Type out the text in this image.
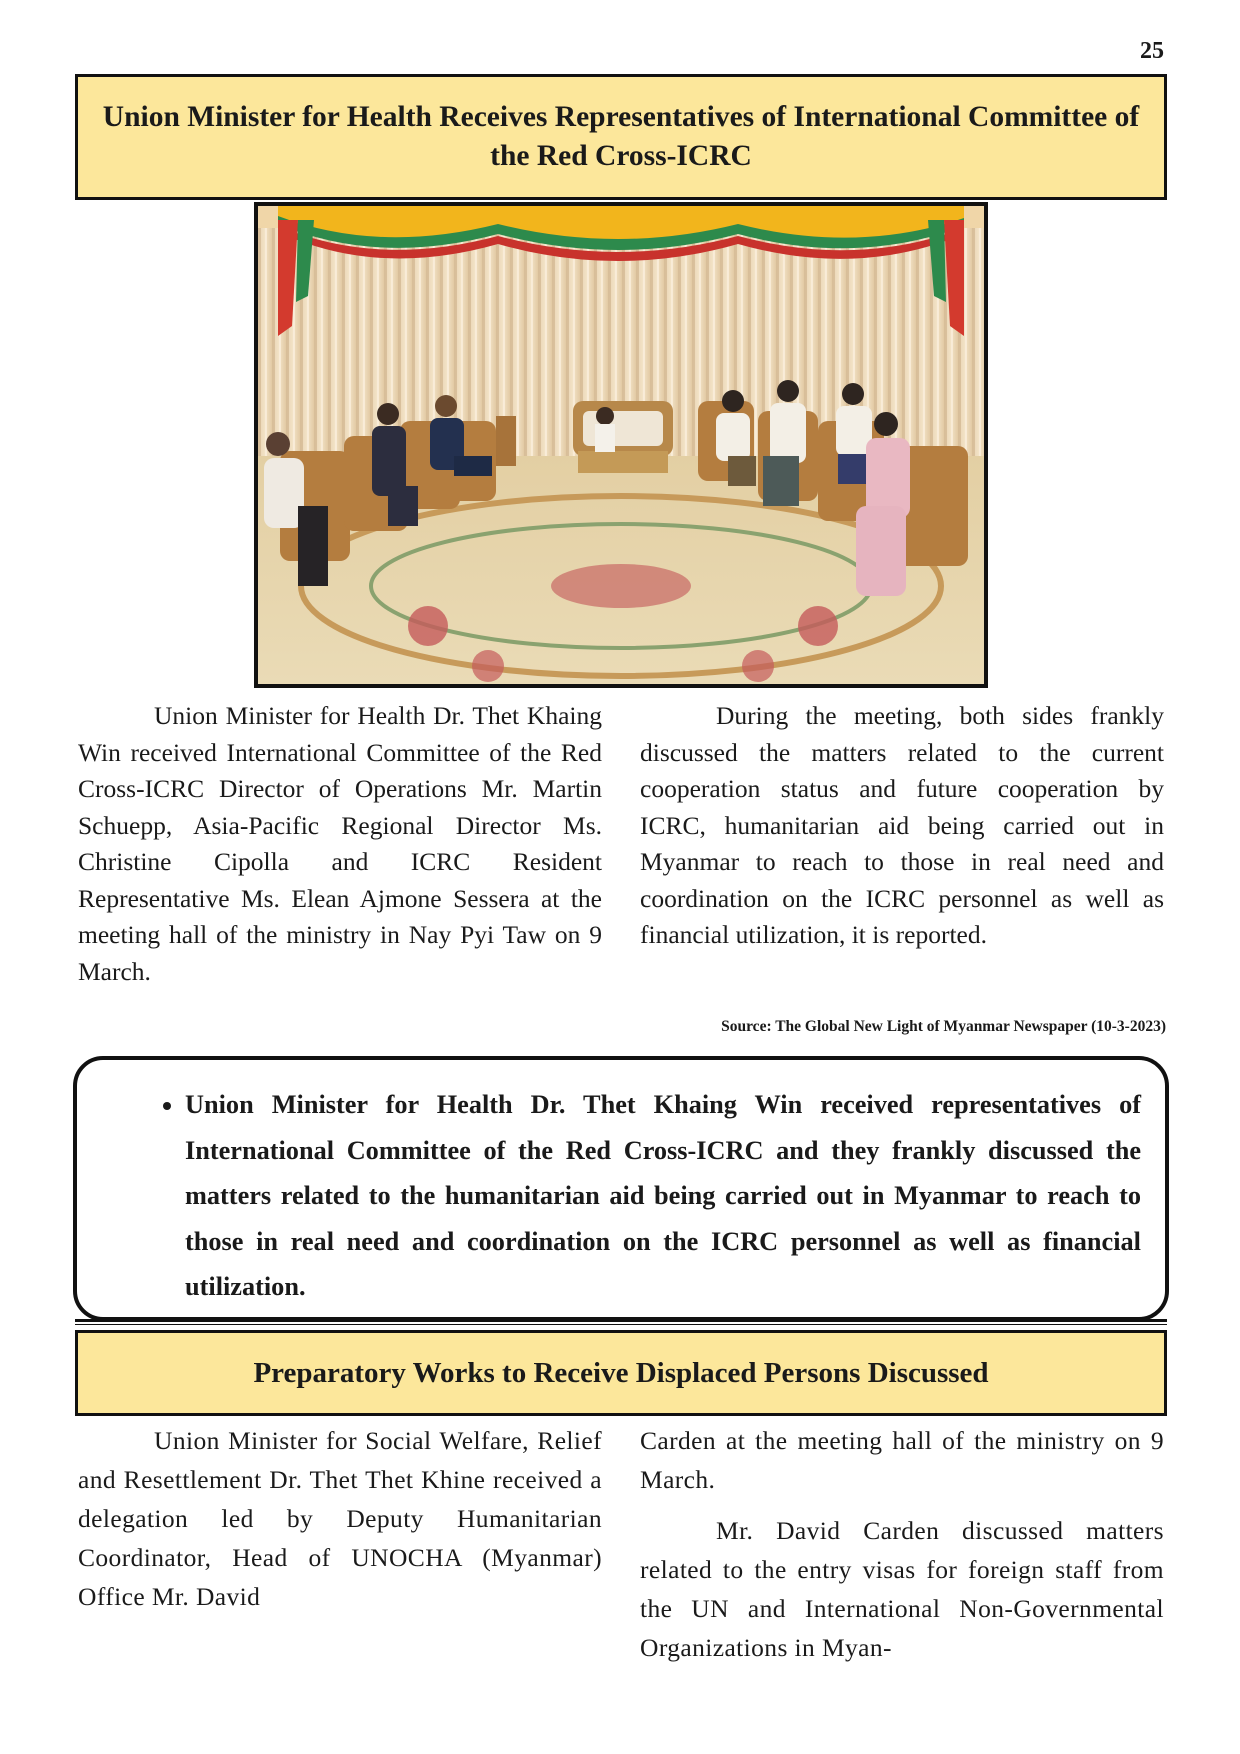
25
Union Minister for Health Receives Representatives of International Committee of the Red Cross-ICRC

Union Minister for Health Dr. Thet Khaing Win received International Committee of the Red Cross-ICRC Director of Operations Mr. Martin Schuepp, Asia-Pacific Regional Director Ms. Christine Cipolla and ICRC Resident Representative Ms. Elean Ajmone Sessera at the meeting hall of the ministry in Nay Pyi Taw on 9 March.

During the meeting, both sides frankly discussed the matters related to the current cooperation status and future cooperation by ICRC, humanitarian aid being carried out in Myanmar to reach to those in real need and coordination on the ICRC personnel as well as financial utilization, it is reported.

Source: The Global New Light of Myanmar Newspaper (10-3-2023)
• Union Minister for Health Dr. Thet Khaing Win received representatives of International Committee of the Red Cross-ICRC and they frankly discussed the matters related to the humanitarian aid being carried out in Myanmar to reach to those in real need and coordination on the ICRC personnel as well as financial utilization.
Preparatory Works to Receive Displaced Persons Discussed

Union Minister for Social Welfare, Relief and Resettlement Dr. Thet Thet Khine received a delegation led by Deputy Humanitarian Coordinator, Head of UNOCHA (Myanmar) Office Mr. David

Carden at the meeting hall of the ministry on 9 March.

Mr. David Carden discussed matters related to the entry visas for foreign staff from the UN and International Non-Governmental Organizations in Myan-
